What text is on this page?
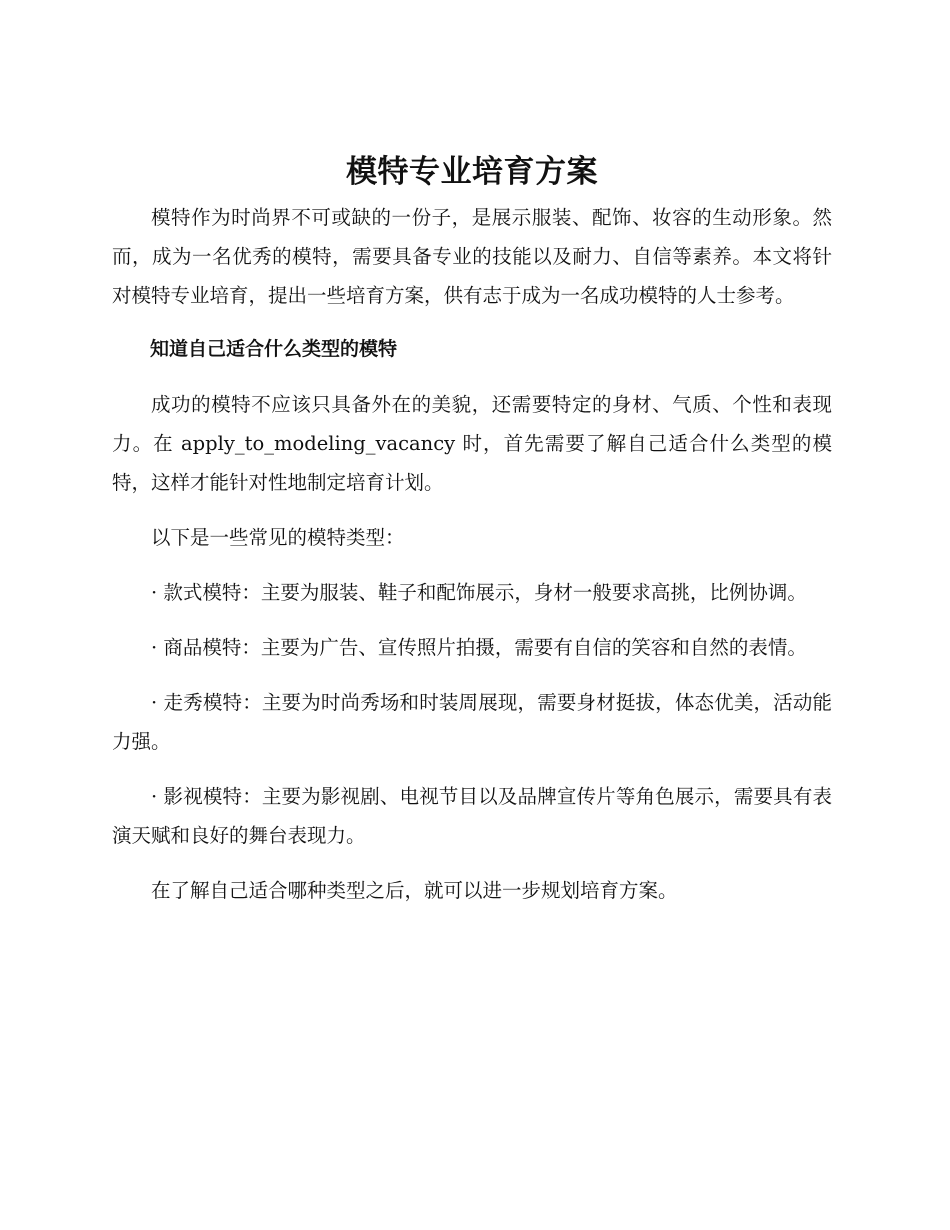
模特专业培育方案

模特作为时尚界不可或缺的一份子，是展示服装、配饰、妆容的生动形象。然而，成为一名优秀的模特，需要具备专业的技能以及耐力、自信等素养。本文将针对模特专业培育，提出一些培育方案，供有志于成为一名成功模特的人士参考。

知道自己适合什么类型的模特

成功的模特不应该只具备外在的美貌，还需要特定的身材、气质、个性和表现力。在 apply_to_modeling_vacancy 时，首先需要了解自己适合什么类型的模特，这样才能针对性地制定培育计划。

以下是一些常见的模特类型：

· 款式模特：主要为服装、鞋子和配饰展示，身材一般要求高挑，比例协调。

· 商品模特：主要为广告、宣传照片拍摄，需要有自信的笑容和自然的表情。

· 走秀模特：主要为时尚秀场和时装周展现，需要身材挺拔，体态优美，活动能力强。

· 影视模特：主要为影视剧、电视节目以及品牌宣传片等角色展示，需要具有表演天赋和良好的舞台表现力。

在了解自己适合哪种类型之后，就可以进一步规划培育方案。
